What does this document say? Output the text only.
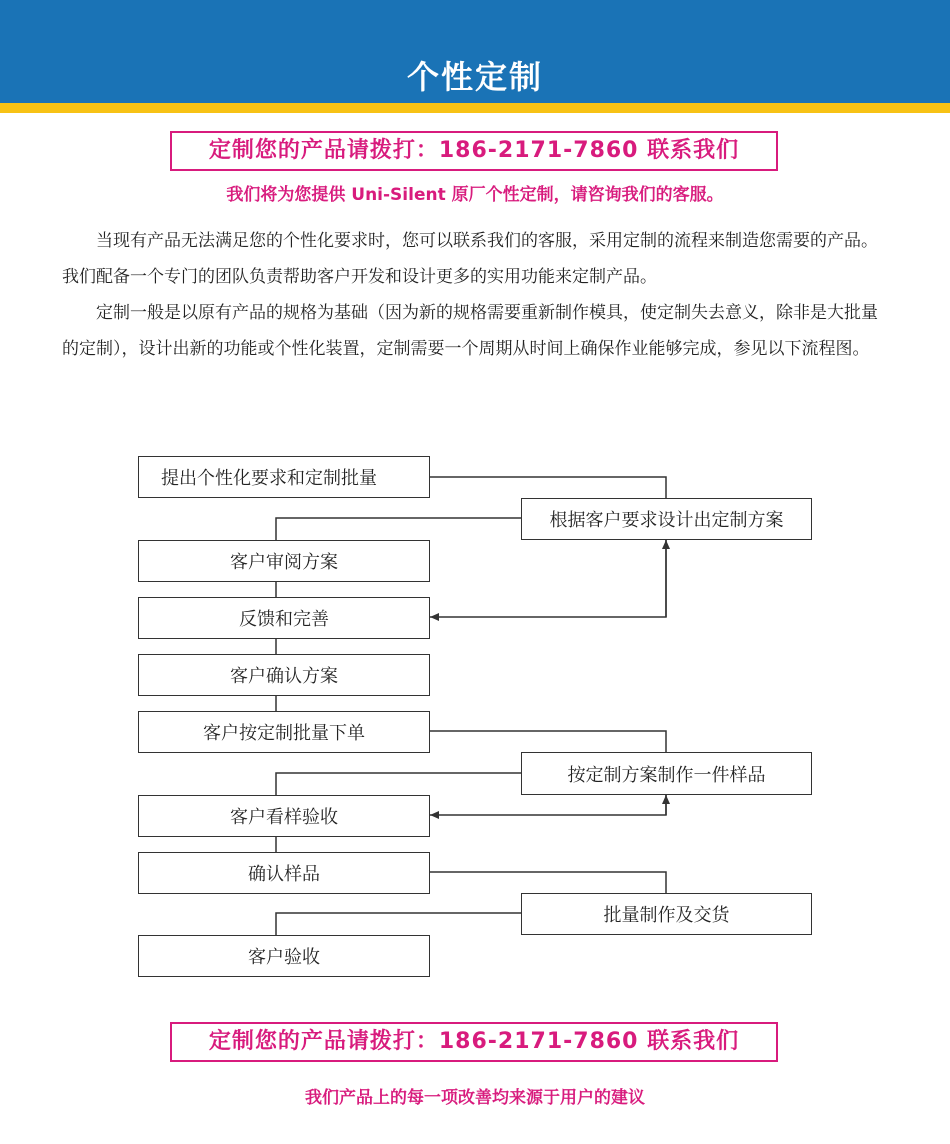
个性定制
定制您的产品请拨打：186-2171-7860 联系我们
我们将为您提供 Uni-Silent 原厂个性定制，请咨询我们的客服。

当现有产品无法满足您的个性化要求时，您可以联系我们的客服，采用定制的流程来制造您需要的产品。我们配备一个专门的团队负责帮助客户开发和设计更多的实用功能来定制产品。

定制一般是以原有产品的规格为基础（因为新的规格需要重新制作模具，使定制失去意义，除非是大批量的定制），设计出新的功能或个性化装置，定制需要一个周期从时间上确保作业能够完成，参见以下流程图。

提出个性化要求和定制批量
客户审阅方案
反馈和完善
客户确认方案
客户按定制批量下单
客户看样验收
确认样品
客户验收
根据客户要求设计出定制方案
按定制方案制作一件样品
批量制作及交货
定制您的产品请拨打：186-2171-7860 联系我们
我们产品上的每一项改善均来源于用户的建议
